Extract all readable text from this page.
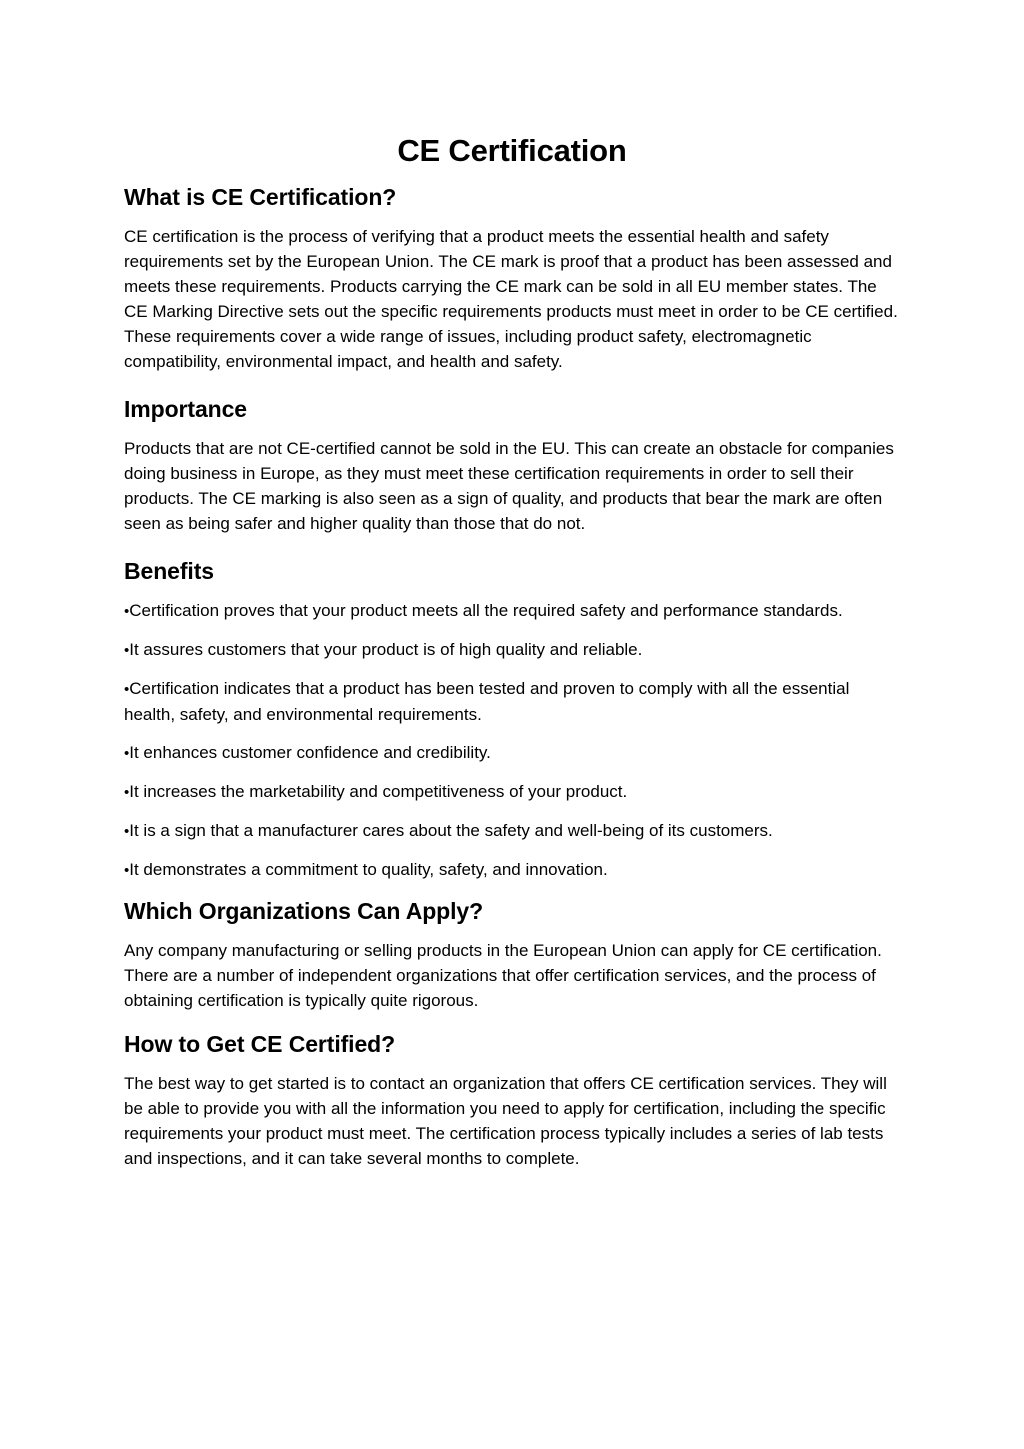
CE Certification
What is CE Certification?

CE certification is the process of verifying that a product meets the essential health and safety requirements set by the European Union. The CE mark is proof that a product has been assessed and meets these requirements. Products carrying the CE mark can be sold in all EU member states. The CE Marking Directive sets out the specific requirements products must meet in order to be CE certified. These requirements cover a wide range of issues, including product safety, electromagnetic compatibility, environmental impact, and health and safety.

Importance

Products that are not CE-certified cannot be sold in the EU. This can create an obstacle for companies doing business in Europe, as they must meet these certification requirements in order to sell their products. The CE marking is also seen as a sign of quality, and products that bear the mark are often seen as being safer and higher quality than those that do not.

Benefits
•Certification proves that your product meets all the required safety and performance standards.
•It assures customers that your product is of high quality and reliable.
•Certification indicates that a product has been tested and proven to comply with all the essential health, safety, and environmental requirements.
•It enhances customer confidence and credibility.
•It increases the marketability and competitiveness of your product.
•It is a sign that a manufacturer cares about the safety and well-being of its customers.
•It demonstrates a commitment to quality, safety, and innovation.
Which Organizations Can Apply?

Any company manufacturing or selling products in the European Union can apply for CE certification. There are a number of independent organizations that offer certification services, and the process of obtaining certification is typically quite rigorous.

How to Get CE Certified?

The best way to get started is to contact an organization that offers CE certification services. They will be able to provide you with all the information you need to apply for certification, including the specific requirements your product must meet. The certification process typically includes a series of lab tests and inspections, and it can take several months to complete.
